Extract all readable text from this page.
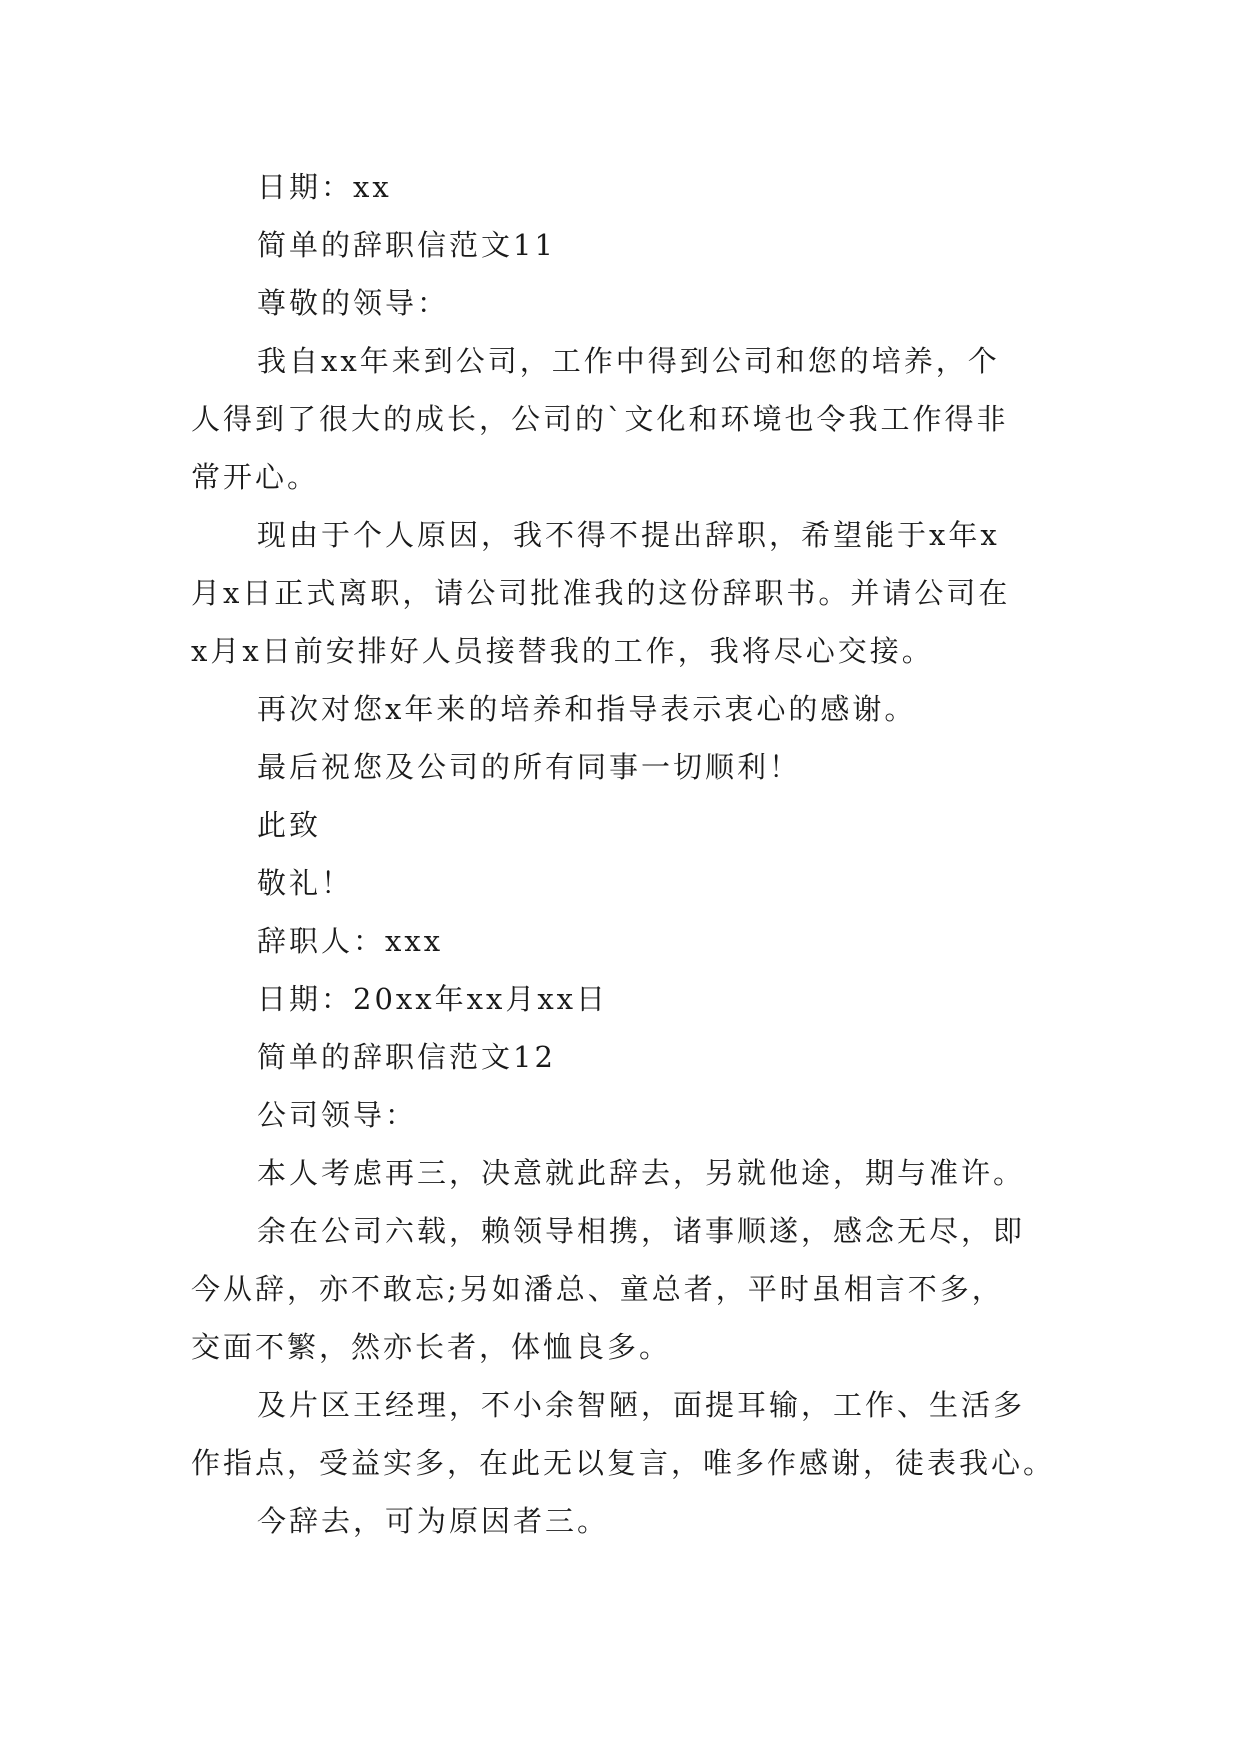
日期：xx
简单的辞职信范文11
尊敬的领导：
我自xx年来到公司，工作中得到公司和您的培养，个
人得到了很大的成长，公司的`文化和环境也令我工作得非
常开心。
现由于个人原因，我不得不提出辞职，希望能于x年x
月x日正式离职，请公司批准我的这份辞职书。并请公司在
x月x日前安排好人员接替我的工作，我将尽心交接。
再次对您x年来的培养和指导表示衷心的感谢。
最后祝您及公司的所有同事一切顺利！
此致
敬礼！
辞职人：xxx
日期：20xx年xx月xx日
简单的辞职信范文12
公司领导：
本人考虑再三，决意就此辞去，另就他途，期与准许。
余在公司六载，赖领导相携，诸事顺遂，感念无尽，即
今从辞，亦不敢忘;另如潘总、童总者，平时虽相言不多，
交面不繁，然亦长者，体恤良多。
及片区王经理，不小余智陋，面提耳输，工作、生活多
作指点，受益实多，在此无以复言，唯多作感谢，徒表我心。
今辞去，可为原因者三。
